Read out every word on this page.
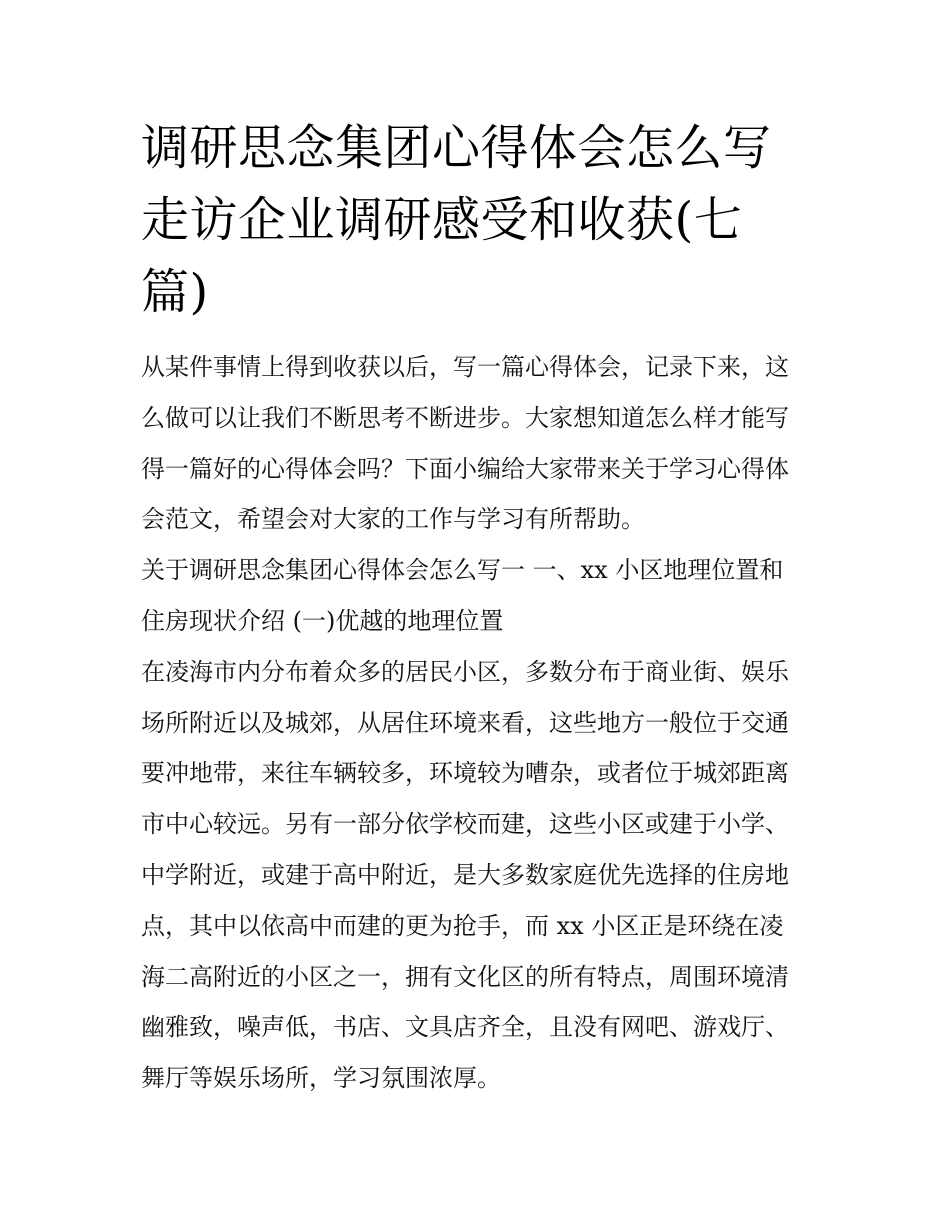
调研思念集团心得体会怎么写
走访企业调研感受和收获(七
篇)

从某件事情上得到收获以后，写一篇心得体会，记录下来，这
么做可以让我们不断思考不断进步。大家想知道怎么样才能写
得一篇好的心得体会吗？下面小编给大家带来关于学习心得体
会范文，希望会对大家的工作与学习有所帮助。

关于调研思念集团心得体会怎么写一 一、xx 小区地理位置和
住房现状介绍 (一)优越的地理位置

在凌海市内分布着众多的居民小区，多数分布于商业街、娱乐
场所附近以及城郊，从居住环境来看，这些地方一般位于交通
要冲地带，来往车辆较多，环境较为嘈杂，或者位于城郊距离
市中心较远。另有一部分依学校而建，这些小区或建于小学、
中学附近，或建于高中附近，是大多数家庭优先选择的住房地
点，其中以依高中而建的更为抢手，而 xx 小区正是环绕在凌
海二高附近的小区之一，拥有文化区的所有特点，周围环境清
幽雅致，噪声低，书店、文具店齐全，且没有网吧、游戏厅、
舞厅等娱乐场所，学习氛围浓厚。
